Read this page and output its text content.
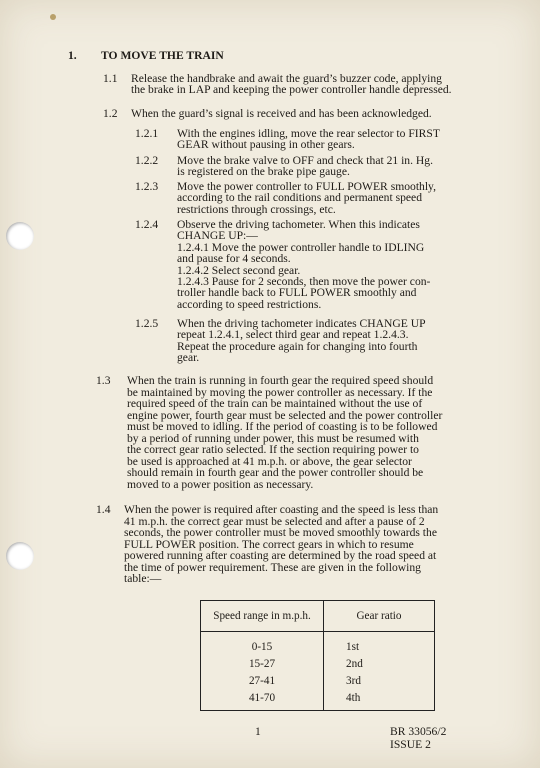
1. TO MOVE THE TRAIN
1.1 Release the handbrake and await the guard’s buzzer code, applying
the brake in LAP and keeping the power controller handle depressed.
1.2 When the guard’s signal is received and has been acknowledged.
1.2.1 With the engines idling, move the rear selector to FIRST
GEAR without pausing in other gears.
1.2.2 Move the brake valve to OFF and check that 21 in. Hg.
is registered on the brake pipe gauge.
1.2.3 Move the power controller to FULL POWER smoothly,
according to the rail conditions and permanent speed
restrictions through crossings, etc.
1.2.4 Observe the driving tachometer. When this indicates
CHANGE UP:—
1.2.4.1 Move the power controller handle to IDLING
and pause for 4 seconds.
1.2.4.2 Select second gear.
1.2.4.3 Pause for 2 seconds, then move the power con-
troller handle back to FULL POWER smoothly and
according to speed restrictions.
1.2.5 When the driving tachometer indicates CHANGE UP
repeat 1.2.4.1, select third gear and repeat 1.2.4.3.
Repeat the procedure again for changing into fourth
gear.
1.3 When the train is running in fourth gear the required speed should
be maintained by moving the power controller as necessary. If the
required speed of the train can be maintained without the use of
engine power, fourth gear must be selected and the power controller
must be moved to idling. If the period of coasting is to be followed
by a period of running under power, this must be resumed with
the correct gear ratio selected. If the section requiring power to
be used is approached at 41 m.p.h. or above, the gear selector
should remain in fourth gear and the power controller should be
moved to a power position as necessary.
1.4 When the power is required after coasting and the speed is less than
41 m.p.h. the correct gear must be selected and after a pause of 2
seconds, the power controller must be moved smoothly towards the
FULL POWER position. The correct gears in which to resume
powered running after coasting are determined by the road speed at
the time of power requirement. These are given in the following
table:—
Speed range in m.p.h.	Gear ratio
0-15	1st
15-27	2nd
27-41	3rd
41-70	4th
1	BR 33056/2
ISSUE 2
